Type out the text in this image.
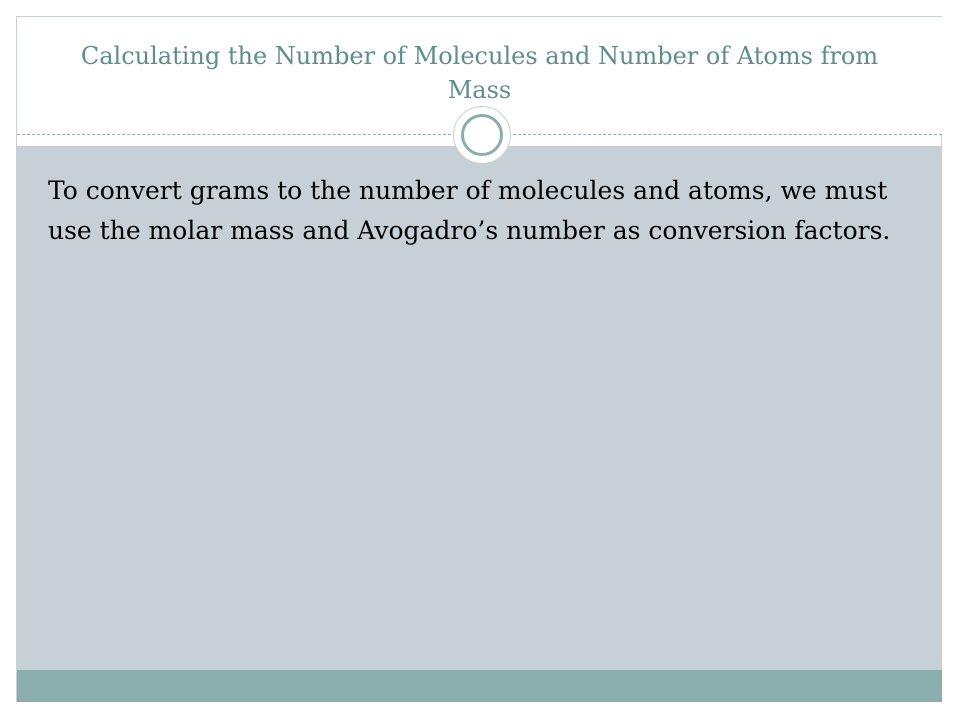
Calculating the Number of Molecules and Number of Atoms from Mass

To convert grams to the number of molecules and atoms, we must use the molar mass and Avogadro’s number as conversion factors.
